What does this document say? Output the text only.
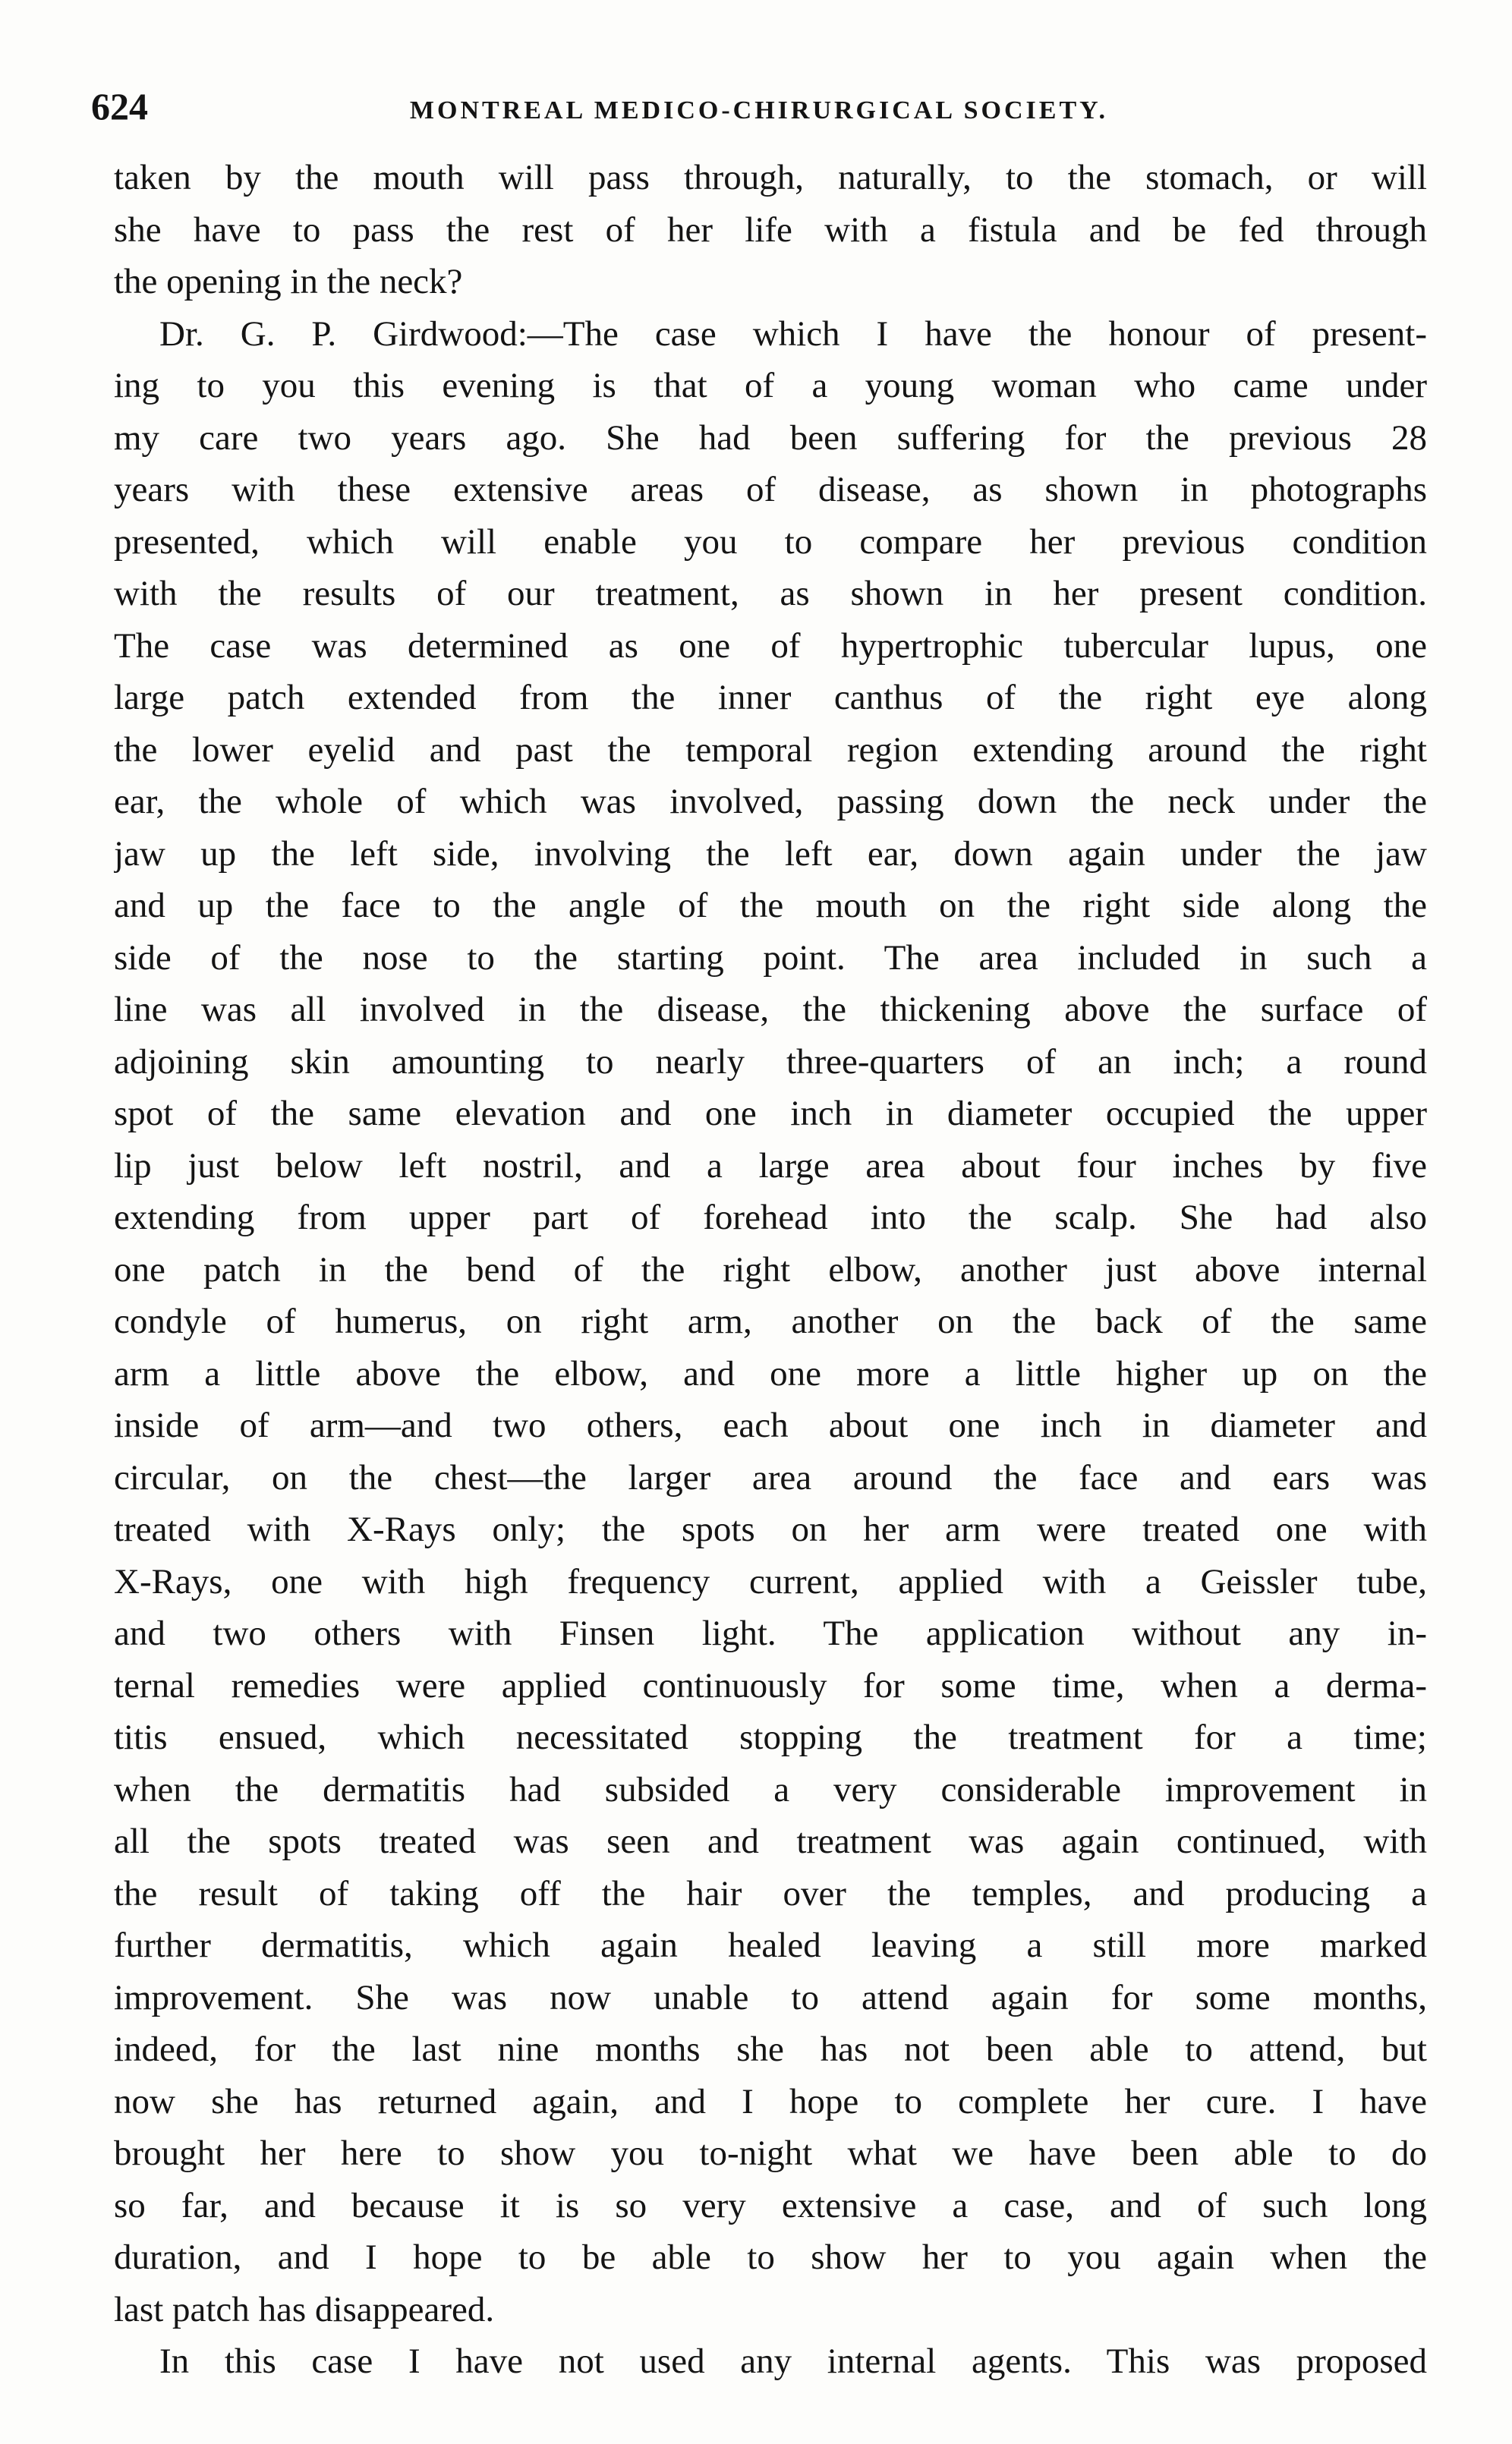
624	MONTREAL MEDICO-CHIRURGICAL SOCIETY.
taken by the mouth will pass through, naturally, to the stomach, or will
she have to pass the rest of her life with a fistula and be fed through
the opening in the neck?
Dr. G. P. Girdwood:—The case which I have the honour of present-
ing to you this evening is that of a young woman who came under
my care two years ago. She had been suffering for the previous 28
years with these extensive areas of disease, as shown in photographs
presented, which will enable you to compare her previous condition
with the results of our treatment, as shown in her present condition.
The case was determined as one of hypertrophic tubercular lupus, one
large patch extended from the inner canthus of the right eye along
the lower eyelid and past the temporal region extending around the right
ear, the whole of which was involved, passing down the neck under the
jaw up the left side, involving the left ear, down again under the jaw
and up the face to the angle of the mouth on the right side along the
side of the nose to the starting point. The area included in such a
line was all involved in the disease, the thickening above the surface of
adjoining skin amounting to nearly three-quarters of an inch; a round
spot of the same elevation and one inch in diameter occupied the upper
lip just below left nostril, and a large area about four inches by five
extending from upper part of forehead into the scalp. She had also
one patch in the bend of the right elbow, another just above internal
condyle of humerus, on right arm, another on the back of the same
arm a little above the elbow, and one more a little higher up on the
inside of arm—and two others, each about one inch in diameter and
circular, on the chest—the larger area around the face and ears was
treated with X-Rays only; the spots on her arm were treated one with
X-Rays, one with high frequency current, applied with a Geissler tube,
and two others with Finsen light. The application without any in-
ternal remedies were applied continuously for some time, when a derma-
titis ensued, which necessitated stopping the treatment for a time;
when the dermatitis had subsided a very considerable improvement in
all the spots treated was seen and treatment was again continued, with
the result of taking off the hair over the temples, and producing a
further dermatitis, which again healed leaving a still more marked
improvement. She was now unable to attend again for some months,
indeed, for the last nine months she has not been able to attend, but
now she has returned again, and I hope to complete her cure. I have
brought her here to show you to-night what we have been able to do
so far, and because it is so very extensive a case, and of such long
duration, and I hope to be able to show her to you again when the
last patch has disappeared.
In this case I have not used any internal agents. This was proposed
